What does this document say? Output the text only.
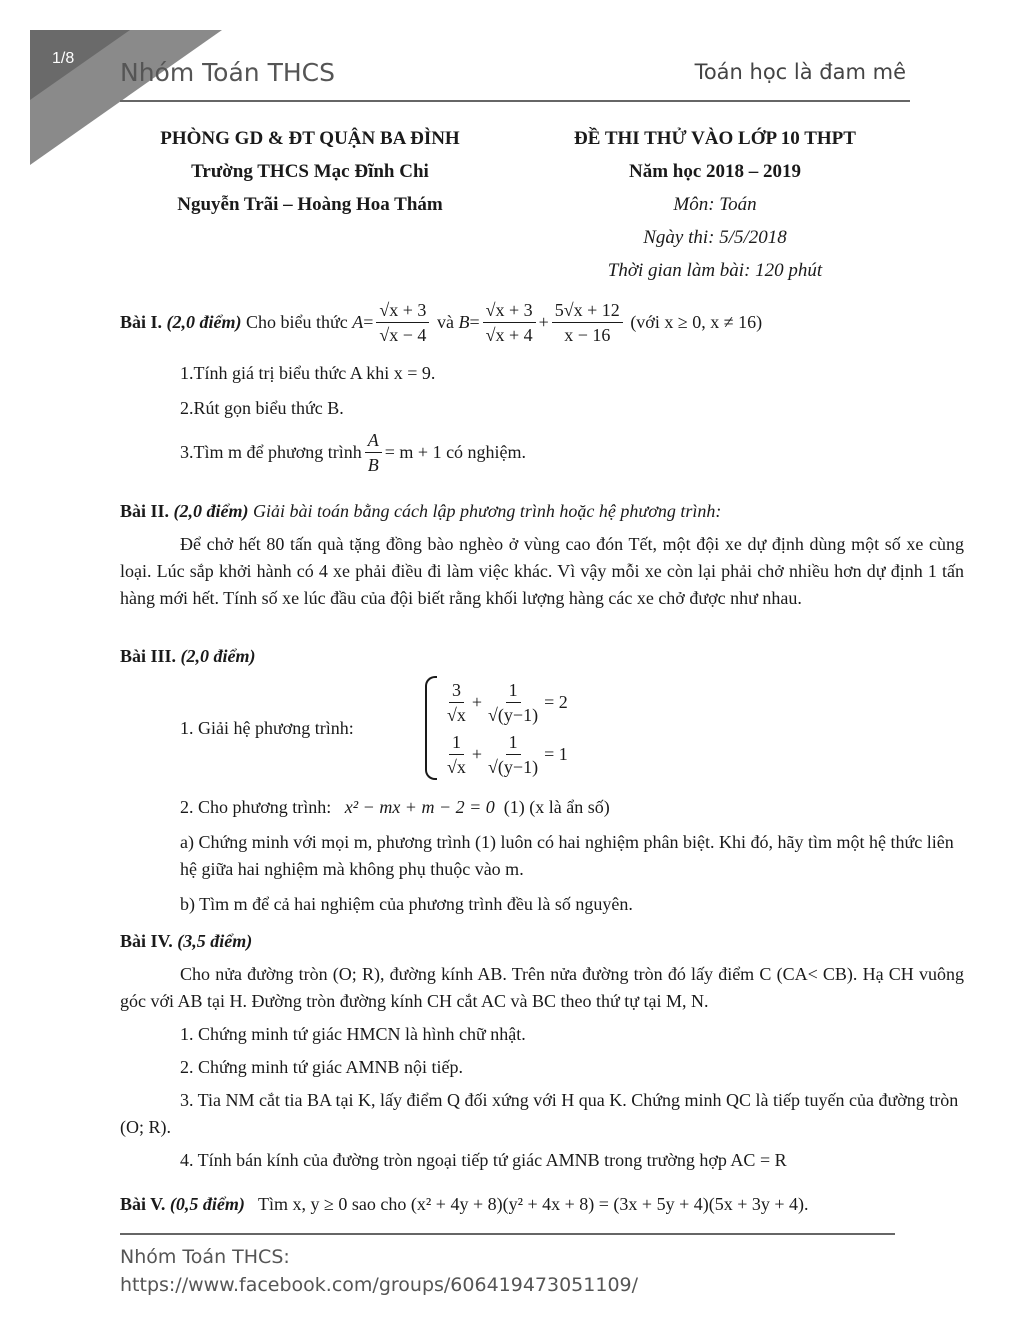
1/8 Nhóm Toán THCS	Toán học là đam mê
PHÒNG GD & ĐT QUẬN BA ĐÌNH
Trường THCS Mạc Đĩnh Chi
Nguyễn Trãi – Hoàng Hoa Thám
ĐỀ THI THỬ VÀO LỚP 10 THPT
Năm học 2018 – 2019
Môn: Toán
Ngày thi: 5/5/2018
Thời gian làm bài: 120 phút
Bài I.
(2,0 điểm)
Cho biểu thức
$A = \frac{√x + 3}{√x - 4}$
và
$B = \frac{√x + 3}{√x + 4} + \frac{5√x + 12}{x - 16}$
(với x ≥ 0, x ≠ 16)
1.Tính giá trị biểu thức A khi x = 9.
2.Rút gọn biểu thức B.
3.Tìm m để phương trình $\frac{A}{B} = m + 1$ có nghiệm.
Bài II. (2,0 điểm) Giải bài toán bằng cách lập phương trình hoặc hệ phương trình:
Để chở hết 80 tấn quà tặng đồng bào nghèo ở vùng cao đón Tết, một đội xe dự định dùng một số xe cùng loại. Lúc sắp khởi hành có 4 xe phải điều đi làm việc khác. Vì vậy mỗi xe còn lại phải chở nhiều hơn dự định 1 tấn hàng mới hết. Tính số xe lúc đầu của đội biết rằng khối lượng hàng các xe chở được như nhau.
Bài III. (2,0 điểm)
1. Giải hệ phương trình:
$\frac{3}{√x} + \frac{1}{√(y-1)} = 2$
$\frac{1}{√x} + \frac{1}{√(y-1)} = 1$
2. Cho phương trình: x² − mx + m − 2 = 0 (1) (x là ẩn số)
a) Chứng minh với mọi m, phương trình (1) luôn có hai nghiệm phân biệt. Khi đó, hãy tìm một hệ thức liên hệ giữa hai nghiệm mà không phụ thuộc vào m.
b) Tìm m để cả hai nghiệm của phương trình đều là số nguyên.
Bài IV. (3,5 điểm)
Cho nửa đường tròn (O; R), đường kính AB. Trên nửa đường tròn đó lấy điểm C (CA< CB). Hạ CH vuông góc với AB tại H. Đường tròn đường kính CH cắt AC và BC theo thứ tự tại M, N.
1. Chứng minh tứ giác HMCN là hình chữ nhật.
2. Chứng minh tứ giác AMNB nội tiếp.
3. Tia NM cắt tia BA tại K, lấy điểm Q đối xứng với H qua K. Chứng minh QC là tiếp tuyến của đường tròn (O; R).
4. Tính bán kính của đường tròn ngoại tiếp tứ giác AMNB trong trường hợp AC = R
Bài V. (0,5 điểm) Tìm x, y ≥ 0 sao cho (x² + 4y + 8)(y² + 4x + 8) = (3x + 5y + 4)(5x + 3y + 4).
Nhóm Toán THCS:
https://www.facebook.com/groups/606419473051109/
